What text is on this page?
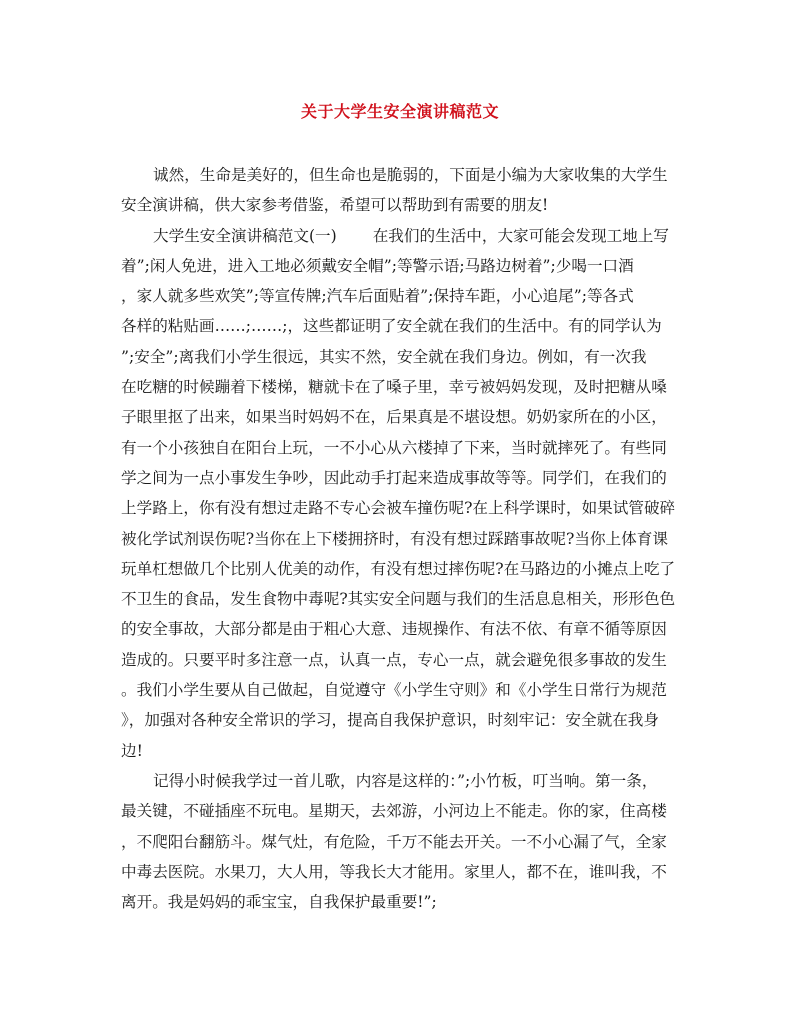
关于大学生安全演讲稿范文
诚然，生命是美好的，但生命也是脆弱的，下面是小编为大家收集的大学生
安全演讲稿，供大家参考借鉴，希望可以帮助到有需要的朋友!
大学生安全演讲稿范文(一) 在我们的生活中，大家可能会发现工地上写
着”;闲人免进，进入工地必须戴安全帽”;等警示语;马路边树着”;少喝一口酒
，家人就多些欢笑”;等宣传牌;汽车后面贴着”;保持车距，小心追尾”;等各式
各样的粘贴画……;……;，这些都证明了安全就在我们的生活中。有的同学认为
”;安全”;离我们小学生很远，其实不然，安全就在我们身边。例如，有一次我
在吃糖的时候蹦着下楼梯，糖就卡在了嗓子里，幸亏被妈妈发现，及时把糖从嗓
子眼里抠了出来，如果当时妈妈不在，后果真是不堪设想。奶奶家所在的小区，
有一个小孩独自在阳台上玩，一不小心从六楼掉了下来，当时就摔死了。有些同
学之间为一点小事发生争吵，因此动手打起来造成事故等等。同学们，在我们的
上学路上，你有没有想过走路不专心会被车撞伤呢?在上科学课时，如果试管破碎
被化学试剂误伤呢?当你在上下楼拥挤时，有没有想过踩踏事故呢?当你上体育课
玩单杠想做几个比别人优美的动作，有没有想过摔伤呢?在马路边的小摊点上吃了
不卫生的食品，发生食物中毒呢?其实安全问题与我们的生活息息相关，形形色色
的安全事故，大部分都是由于粗心大意、违规操作、有法不依、有章不循等原因
造成的。只要平时多注意一点，认真一点，专心一点，就会避免很多事故的发生
。我们小学生要从自己做起，自觉遵守《小学生守则》和《小学生日常行为规范
》，加强对各种安全常识的学习，提高自我保护意识，时刻牢记：安全就在我身
边!
记得小时候我学过一首儿歌，内容是这样的：”;小竹板，叮当响。第一条，
最关键，不碰插座不玩电。星期天，去郊游，小河边上不能走。你的家，住高楼
，不爬阳台翻筋斗。煤气灶，有危险，千万不能去开关。一不小心漏了气，全家
中毒去医院。水果刀，大人用，等我长大才能用。家里人，都不在，谁叫我，不
离开。我是妈妈的乖宝宝，自我保护最重要!”;
